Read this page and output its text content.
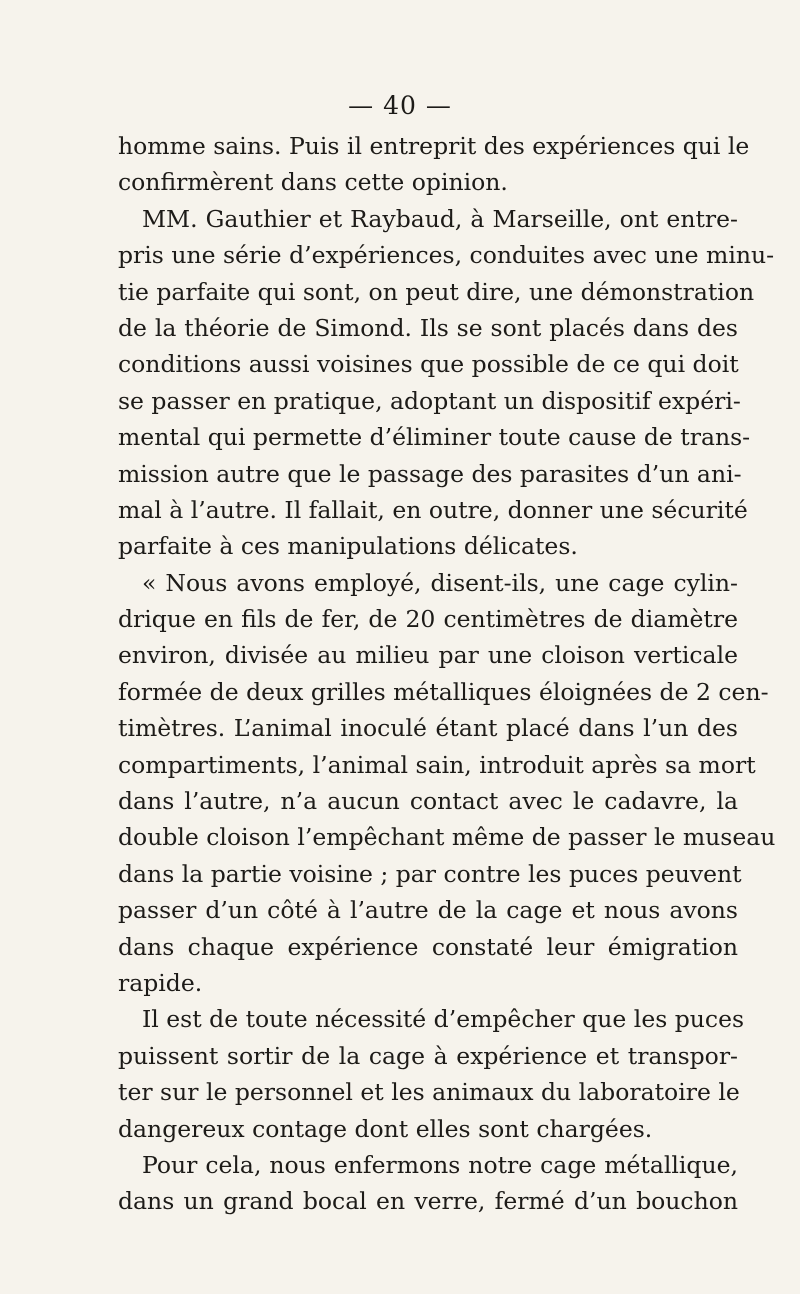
— 40 —
homme sains. Puis il entreprit des expériences qui le
confirmèrent dans cette opinion.
MM. Gauthier et Raybaud, à Marseille, ont entre-
pris une série d’expériences, conduites avec une minu-
tie parfaite qui sont, on peut dire, une démonstration
de la théorie de Simond. Ils se sont placés dans des
conditions aussi voisines que possible de ce qui doit
se passer en pratique, adoptant un dispositif expéri-
mental qui permette d’éliminer toute cause de trans-
mission autre que le passage des parasites d’un ani-
mal à l’autre. Il fallait, en outre, donner une sécurité
parfaite à ces manipulations délicates.
« Nous avons employé, disent-ils, une cage cylin-
drique en fils de fer, de 20 centimètres de diamètre
environ, divisée au milieu par une cloison verticale
formée de deux grilles métalliques éloignées de 2 cen-
timètres. L’animal inoculé étant placé dans l’un des
compartiments, l’animal sain, introduit après sa mort
dans l’autre, n’a aucun contact avec le cadavre, la
double cloison l’empêchant même de passer le museau
dans la partie voisine ; par contre les puces peuvent
passer d’un côté à l’autre de la cage et nous avons
dans chaque expérience constaté leur émigration
rapide.
Il est de toute nécessité d’empêcher que les puces
puissent sortir de la cage à expérience et transpor-
ter sur le personnel et les animaux du laboratoire le
dangereux contage dont elles sont chargées.
Pour cela, nous enfermons notre cage métallique,
dans un grand bocal en verre, fermé d’un bouchon
